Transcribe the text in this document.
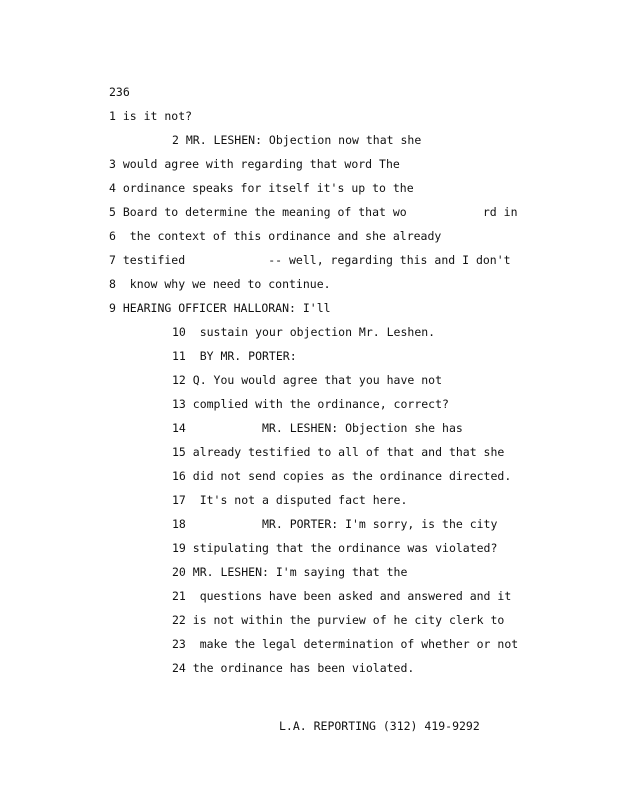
236
1 is it not?
2 MR. LESHEN: Objection now that she
3 would agree with regarding that word The
4 ordinance speaks for itself it's up to the
5 Board to determine the meaning of that wo           rd in
6  the context of this ordinance and she already
7 testified            -- well, regarding this and I don't
8  know why we need to continue.
9 HEARING OFFICER HALLORAN: I'll
10  sustain your objection Mr. Leshen.
11  BY MR. PORTER:
12 Q. You would agree that you have not
13 complied with the ordinance, correct?
14           MR. LESHEN: Objection she has
15 already testified to all of that and that she
16 did not send copies as the ordinance directed.
17  It's not a disputed fact here.
18           MR. PORTER: I'm sorry, is the city
19 stipulating that the ordinance was violated?
20 MR. LESHEN: I'm saying that the
21  questions have been asked and answered and it
22 is not within the purview of he city clerk to
23  make the legal determination of whether or not
24 the ordinance has been violated.
L.A. REPORTING (312) 419-9292
